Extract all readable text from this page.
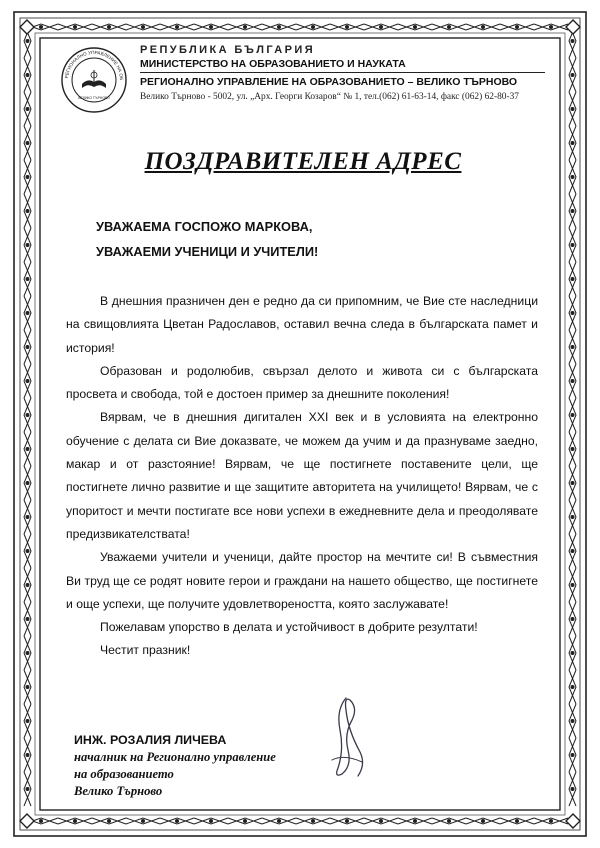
РЕГИОНАЛНО УПРАВЛЕНИЕ НА ОБ
ВЕЛИКО ТЪРНОВО
РЕПУБЛИКА БЪЛГАРИЯ
МИНИСТЕРСТВО НА ОБРАЗОВАНИЕТО И НАУКАТА
РЕГИОНАЛНО УПРАВЛЕНИЕ НА ОБРАЗОВАНИЕТО – ВЕЛИКО ТЪРНОВО
Велико Търново - 5002, ул. „Арх. Георги Козаров“ № 1, тел.(062) 61-63-14, факс (062) 62-80-37
ПОЗДРАВИТЕЛЕН АДРЕС
УВАЖАЕМА ГОСПОЖО МАРКОВА,
УВАЖАЕМИ УЧЕНИЦИ И УЧИТЕЛИ!

В днешния празничен ден е редно да си припомним, че Вие сте наследници на свищовлията Цветан Радославов, оставил вечна следа в българската памет и история!

Образован и родолюбив, свързал делото и живота си с българската просвета и свобода, той е достоен пример за днешните поколения!

Вярвам, че в днешния дигитален XXI век и в условията на електронно обучение с делата си Вие доказвате, че можем да учим и да празнуваме заедно, макар и от разстояние! Вярвам, че ще постигнете поставените цели, ще постигнете лично развитие и ще защитите авторитета на училището! Вярвам, че с упоритост и мечти постигате все нови успехи в ежедневните дела и преодолявате предизвикателствата!

Уважаеми учители и ученици, дайте простор на мечтите си! В съвместния Ви труд ще се родят новите герои и граждани на нашето общество, ще постигнете и още успехи, ще получите удовлетвореността, която заслужавате!

Пожелавам упорство в делата и устойчивост в добрите резултати!

Честит празник!

ИНЖ. РОЗАЛИЯ ЛИЧЕВА
началник на Регионално управление
на образованието
Велико Търново
